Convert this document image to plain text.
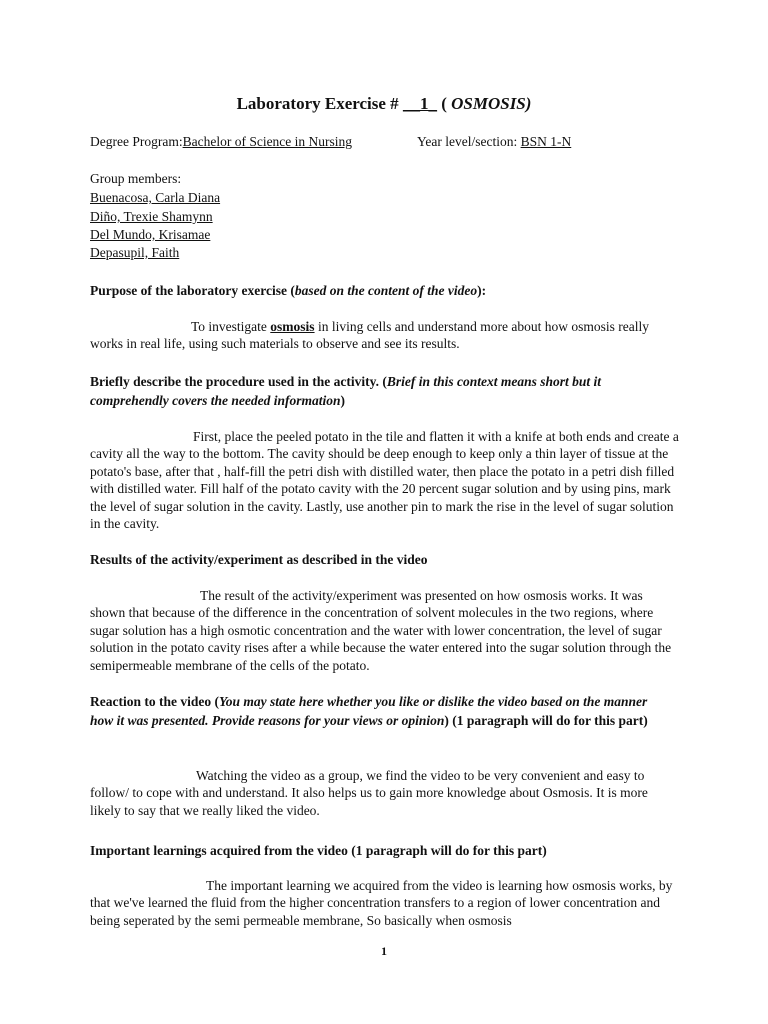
Laboratory Exercise # __1_ ( OSMOSIS)
Degree Program:Bachelor of Science in Nursing	Year level/section: BSN 1-N
Group members:
Buenacosa, Carla Diana
Diño, Trexie Shamynn
Del Mundo, Krisamae
Depasupil, Faith
Purpose of the laboratory exercise (based on the content of the video):
To investigate osmosis in living cells and understand more about how osmosis really works in real life, using such materials to observe and see its results.
Briefly describe the procedure used in the activity. (Brief in this context means short but it comprehendly covers the needed information)
First, place the peeled potato in the tile and flatten it with a knife at both ends and create a cavity all the way to the bottom. The cavity should be deep enough to keep only a thin layer of tissue at the potato's base, after that , half-fill the petri dish with distilled water, then place the potato in a petri dish filled with distilled water. Fill half of the potato cavity with the 20 percent sugar solution and by using pins, mark the level of sugar solution in the cavity. Lastly, use another pin to mark the rise in the level of sugar solution in the cavity.
Results of the activity/experiment as described in the video
The result of the activity/experiment was presented on how osmosis works. It was shown that because of the difference in the concentration of solvent molecules in the two regions, where sugar solution has a high osmotic concentration and the water with lower concentration, the level of sugar solution in the potato cavity rises after a while because the water entered into the sugar solution through the semipermeable membrane of the cells of the potato.
Reaction to the video (You may state here whether you like or dislike the video based on the manner how it was presented. Provide reasons for your views or opinion) (1 paragraph will do for this part)
Watching the video as a group, we find the video to be very convenient and easy to follow/ to cope with and understand. It also helps us to gain more knowledge about Osmosis. It is more likely to say that we really liked the video.
Important learnings acquired from the video (1 paragraph will do for this part)
The important learning we acquired from the video is learning how osmosis works, by that we've learned the fluid from the higher concentration transfers to a region of lower concentration and being seperated by the semi permeable membrane, So basically when osmosis
1
